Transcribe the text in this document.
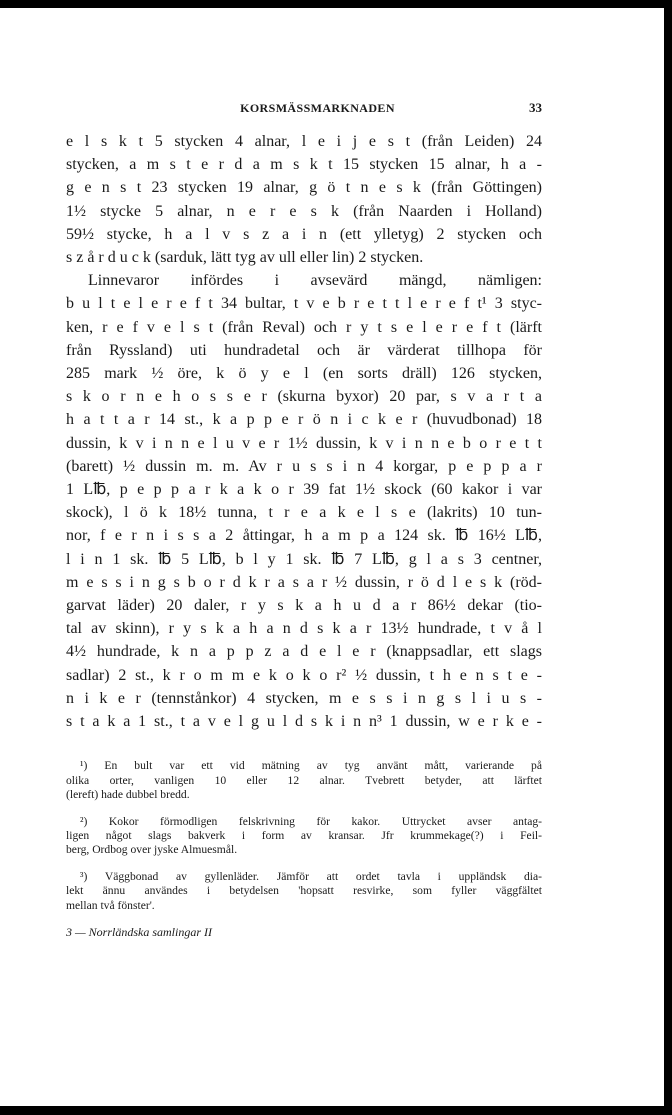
KORSMÄSSMARKNADEN	33
e l s k t 5 stycken 4 alnar, l e i j e s t (från Leiden) 24
stycken, a m s t e r d a m s k t 15 stycken 15 alnar, h a -
g e n s t 23 stycken 19 alnar, g ö t n e s k (från Göttingen)
1½ stycke 5 alnar, n e r e s k (från Naarden i Holland)
59½ stycke, h a l v s z a i n (ett ylletyg) 2 stycken och
s z å r d u c k (sarduk, lätt tyg av ull eller lin) 2 stycken.
Linnevaror infördes i avsevärd mängd, nämligen:
b u l t e l e r e f t 34 bultar, t v e b r e t t l e r e f t¹ 3 styc-
ken, r e f v e l s t (från Reval) och r y t s e l e r e f t (lärft
från Ryssland) uti hundradetal och är värderat tillhopa för
285 mark ½ öre, k ö y e l (en sorts dräll) 126 stycken,
s k o r n e h o s s e r (skurna byxor) 20 par, s v a r t a
h a t t a r 14 st., k a p p e r ö n i c k e r (huvudbonad) 18
dussin, k v i n n e l u v e r 1½ dussin, k v i n n e b o r e t t
(barett) ½ dussin m. m. Av r u s s i n 4 korgar, p e p p a r
1 L℔, p e p p a r k a k o r 39 fat 1½ skock (60 kakor i var
skock), l ö k 18½ tunna, t r e a k e l s e (lakrits) 10 tun-
nor, f e r n i s s a 2 åttingar, h a m p a 124 sk. ℔ 16½ L℔,
l i n 1 sk. ℔ 5 L℔, b l y 1 sk. ℔ 7 L℔, g l a s 3 centner,
m e s s i n g s b o r d k r a s a r ½ dussin, r ö d l e s k (röd-
garvat läder) 20 daler, r y s k a h u d a r 86½ dekar (tio-
tal av skinn), r y s k a h a n d s k a r 13½ hundrade, t v å l
4½ hundrade, k n a p p z a d e l e r (knappsadlar, ett slags
sadlar) 2 st., k r o m m e k o k o r² ½ dussin, t h e n s t e -
n i k e r (tennstånkor) 4 stycken, m e s s i n g s l i u s -
s t a k a 1 st., t a v e l g u l d s k i n n³ 1 dussin, w e r k e -
¹) En bult var ett vid mätning av tyg använt mått, varierande på
olika orter, vanligen 10 eller 12 alnar. Tvebrett betyder, att lärftet
(lereft) hade dubbel bredd.
²) Kokor förmodligen felskrivning för kakor. Uttrycket avser antag-
ligen något slags bakverk i form av kransar. Jfr krummekage(?) i Feil-
berg, Ordbog over jyske Almuesmål.
³) Väggbonad av gyllenläder. Jämför att ordet tavla i uppländsk dia-
lekt ännu användes i betydelsen 'hopsatt resvirke, som fyller väggfältet
mellan två fönster'.
3 — Norrländska samlingar II
